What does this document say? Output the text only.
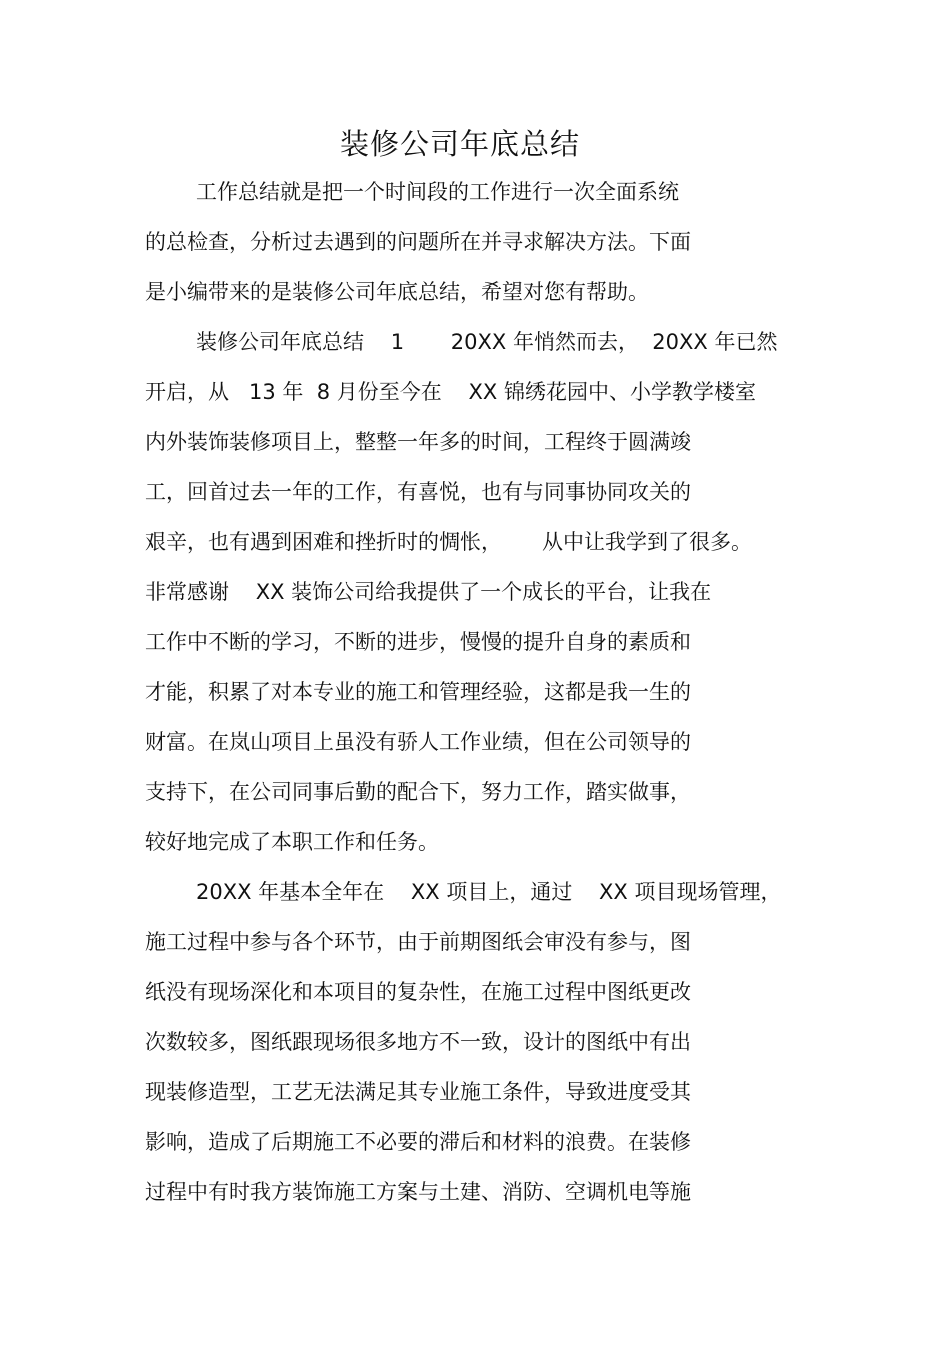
装修公司年底总结
工作总结就是把一个时间段的工作进行一次全面系统
的总检查，分析过去遇到的问题所在并寻求解决方法。下面
是小编带来的是装修公司年底总结，希望对您有帮助。
装修公司年底总结    1       20XX 年悄然而去，  20XX 年已然
开启，从   13 年  8 月份至今在    XX 锦绣花园中、小学教学楼室
内外装饰装修项目上，整整一年多的时间，工程终于圆满竣
工，回首过去一年的工作，有喜悦，也有与同事协同攻关的
艰辛，也有遇到困难和挫折时的惆怅，      从中让我学到了很多。
非常感谢    XX 装饰公司给我提供了一个成长的平台，让我在
工作中不断的学习，不断的进步，慢慢的提升自身的素质和
才能，积累了对本专业的施工和管理经验，这都是我一生的
财富。在岚山项目上虽没有骄人工作业绩，但在公司领导的
支持下，在公司同事后勤的配合下，努力工作，踏实做事，
较好地完成了本职工作和任务。
20XX 年基本全年在    XX 项目上，通过    XX 项目现场管理，
施工过程中参与各个环节，由于前期图纸会审没有参与，图
纸没有现场深化和本项目的复杂性，在施工过程中图纸更改
次数较多，图纸跟现场很多地方不一致，设计的图纸中有出
现装修造型，工艺无法满足其专业施工条件，导致进度受其
影响，造成了后期施工不必要的滞后和材料的浪费。在装修
过程中有时我方装饰施工方案与土建、消防、空调机电等施
